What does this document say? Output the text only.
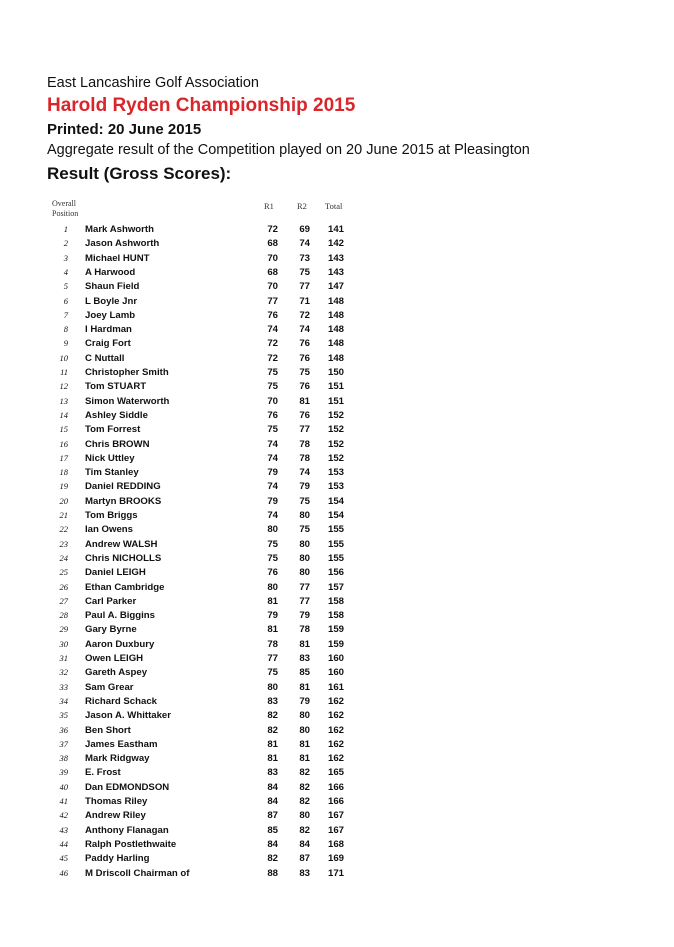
East Lancashire Golf Association
Harold Ryden Championship 2015
Printed: 20 June 2015
Aggregate result of the Competition played on 20 June 2015 at Pleasington
Result (Gross Scores):
Overall
Position
R1	R2 Total
1 Mark Ashworth	72	69	141
2 Jason Ashworth	68	74	142
3 Michael HUNT	70	73	143
4 A Harwood	68	75	143
5 Shaun Field	70	77	147
6 L Boyle Jnr	77	71	148
7 Joey Lamb	76	72	148
8 I Hardman	74	74	148
9 Craig Fort	72	76	148
10 C Nuttall	72	76	148
11 Christopher Smith	75	75	150
12 Tom STUART	75	76	151
13 Simon Waterworth	70	81	151
14 Ashley Siddle	76	76	152
15 Tom Forrest	75	77	152
16 Chris BROWN	74	78	152
17 Nick Uttley	74	78	152
18 Tim Stanley	79	74	153
19 Daniel REDDING	74	79	153
20 Martyn BROOKS	79	75	154
21 Tom Briggs	74	80	154
22 Ian Owens	80	75	155
23 Andrew WALSH	75	80	155
24 Chris NICHOLLS	75	80	155
25 Daniel LEIGH	76	80	156
26 Ethan Cambridge	80	77	157
27 Carl Parker	81	77	158
28 Paul A. Biggins	79	79	158
29 Gary Byrne	81	78	159
30 Aaron Duxbury	78	81	159
31 Owen LEIGH	77	83	160
32 Gareth Aspey	75	85	160
33 Sam Grear	80	81	161
34 Richard Schack	83	79	162
35 Jason A. Whittaker	82	80	162
36 Ben Short	82	80	162
37 James Eastham	81	81	162
38 Mark Ridgway	81	81	162
39 E. Frost	83	82	165
40 Dan EDMONDSON	84	82	166
41 Thomas Riley	84	82	166
42 Andrew Riley	87	80	167
43 Anthony Flanagan	85	82	167
44 Ralph Postlethwaite	84	84	168
45 Paddy Harling	82	87	169
46 M Driscoll Chairman of	88	83	171
